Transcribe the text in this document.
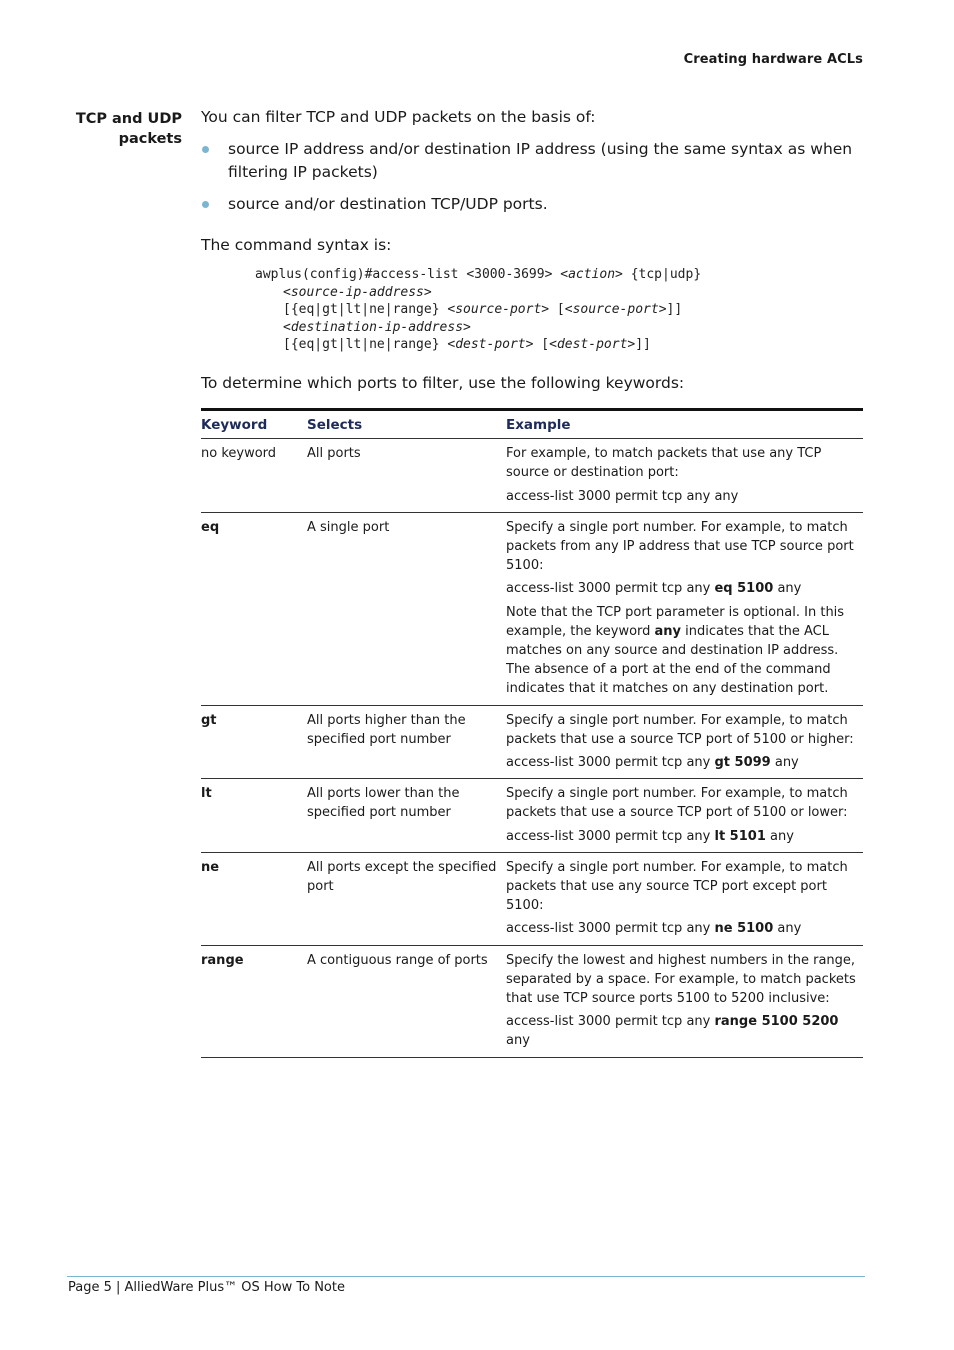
Creating hardware ACLs
TCP and UDP
packets
You can filter TCP and UDP packets on the basis of:
source IP address and/or destination IP address (using the same syntax as when filtering IP packets)
source and/or destination TCP/UDP ports.
The command syntax is:
awplus(config)#access-list <3000-3699> <action> {tcp|udp}
<source-ip-address>
[{eq|gt|lt|ne|range} <source-port> [<source-port>]]
<destination-ip-address>
[{eq|gt|lt|ne|range} <dest-port> [<dest-port>]]
To determine which ports to filter, use the following keywords:
Keyword	Selects	Example
no keyword	All ports	For example, to match packets that use any TCP source or destination port:
access-list 3000 permit tcp any any

eq	A single port	Specify a single port number. For example, to match packets from any IP address that use TCP source port 5100:
access-list 3000 permit tcp any eq 5100 any
Note that the TCP port parameter is optional. In this example, the keyword any indicates that the ACL matches on any source and destination IP address. The absence of a port at the end of the command indicates that it matches on any destination port.

gt	All ports higher than the specified port number	Specify a single port number. For example, to match packets that use a source TCP port of 5100 or higher:
access-list 3000 permit tcp any gt 5099 any

lt	All ports lower than the specified port number	Specify a single port number. For example, to match packets that use a source TCP port of 5100 or lower:
access-list 3000 permit tcp any lt 5101 any

ne	All ports except the specified port	Specify a single port number. For example, to match packets that use any source TCP port except port 5100:
access-list 3000 permit tcp any ne 5100 any

range	A contiguous range of ports	Specify the lowest and highest numbers in the range, separated by a space. For example, to match packets that use TCP source ports 5100 to 5200 inclusive:
access-list 3000 permit tcp any range 5100 5200 any
Page 5 | AlliedWare Plus™ OS How To Note
